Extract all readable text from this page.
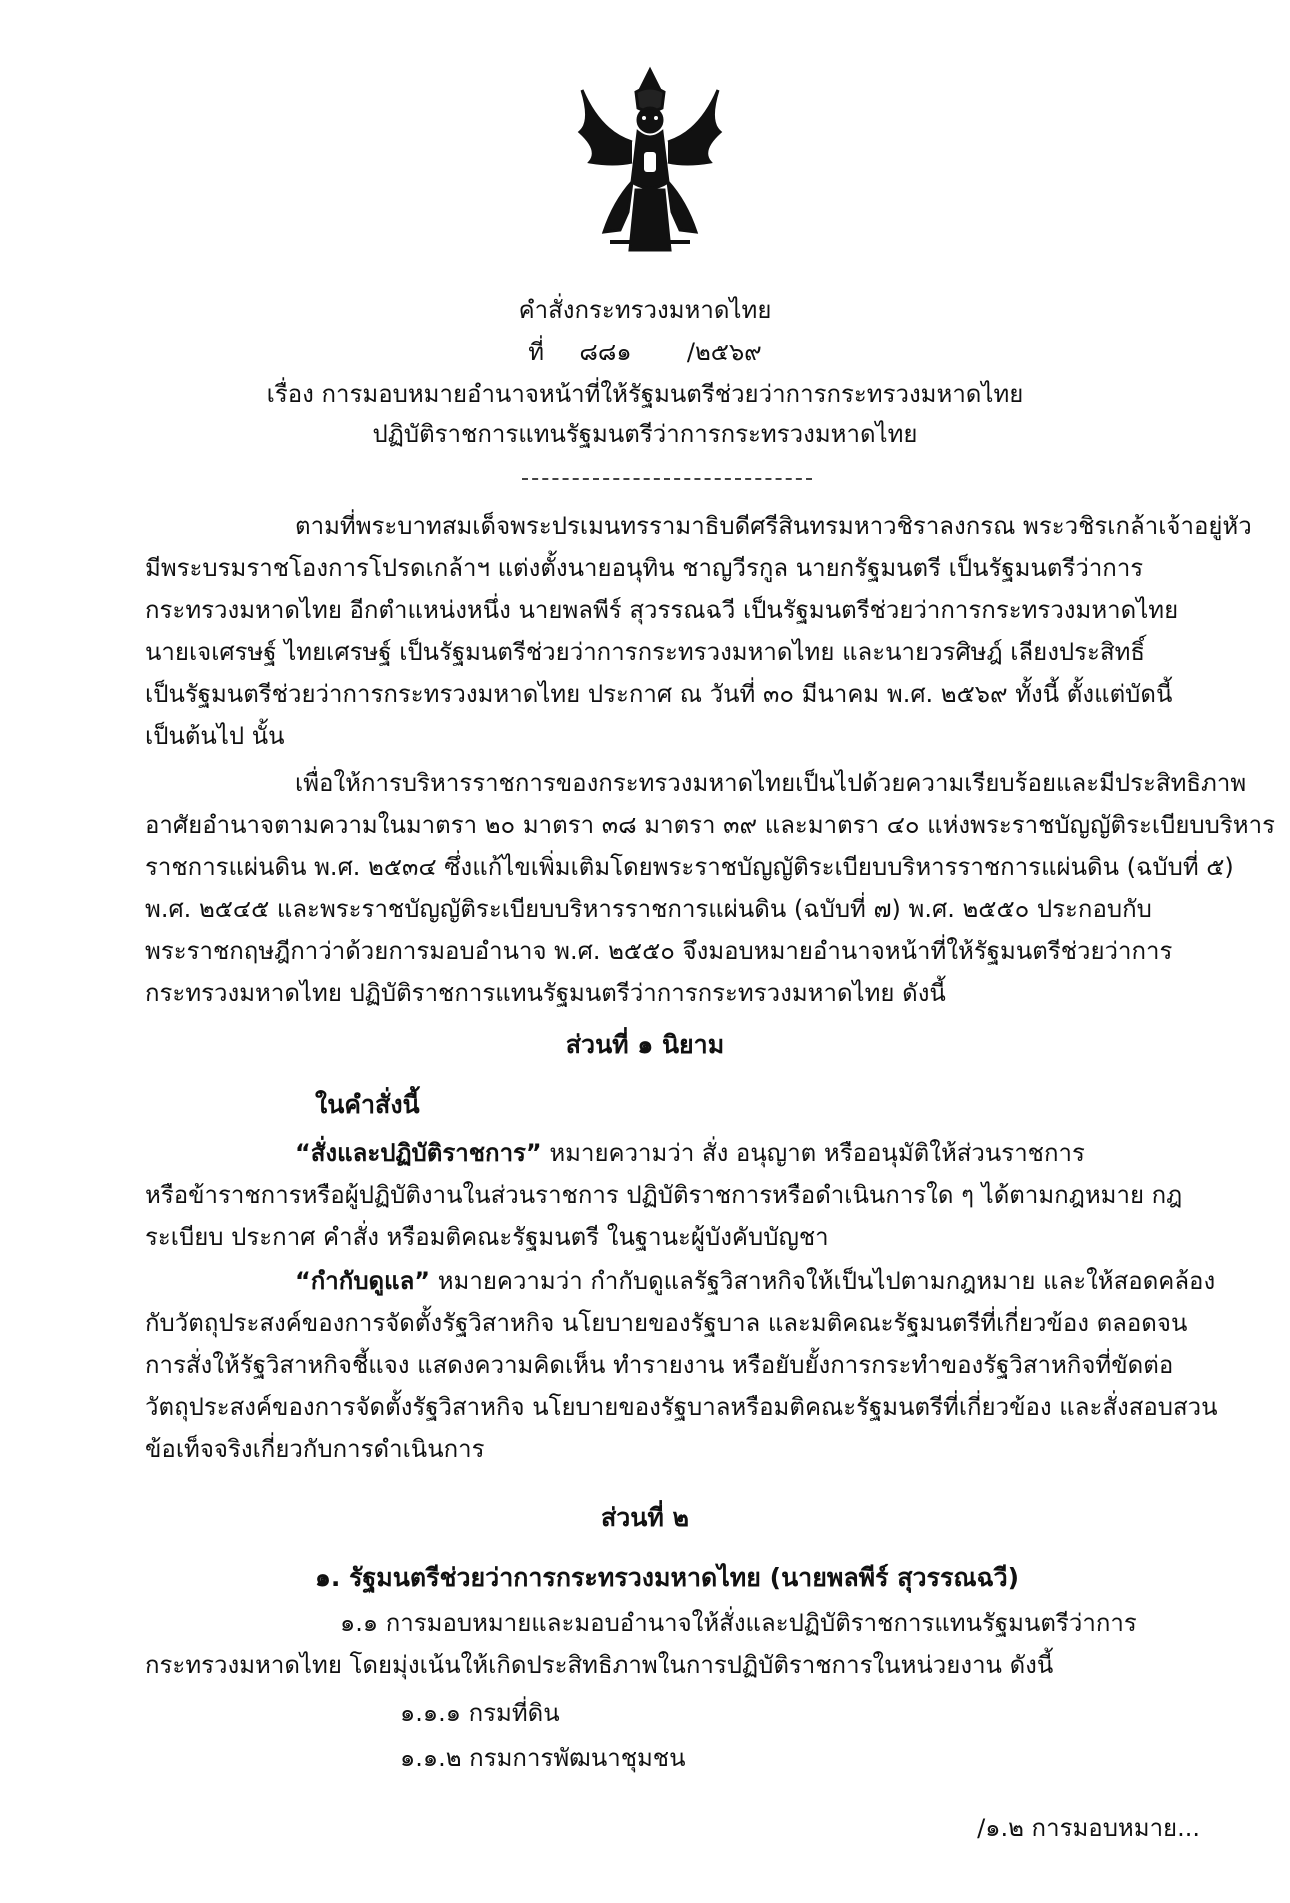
คำสั่งกระทรวงมหาดไทย
ที่ ๘๘๑ /๒๕๖๙
เรื่อง การมอบหมายอำนาจหน้าที่ให้รัฐมนตรีช่วยว่าการกระทรวงมหาดไทย
ปฏิบัติราชการแทนรัฐมนตรีว่าการกระทรวงมหาดไทย
ตามที่พระบาทสมเด็จพระปรเมนทรรามาธิบดีศรีสินทรมหาวชิราลงกรณ พระวชิรเกล้าเจ้าอยู่หัว
มีพระบรมราชโองการโปรดเกล้าฯ แต่งตั้งนายอนุทิน ชาญวีรกูล นายกรัฐมนตรี เป็นรัฐมนตรีว่าการ
กระทรวงมหาดไทย อีกตำแหน่งหนึ่ง นายพลพีร์ สุวรรณฉวี เป็นรัฐมนตรีช่วยว่าการกระทรวงมหาดไทย
นายเจเศรษฐ์ ไทยเศรษฐ์ เป็นรัฐมนตรีช่วยว่าการกระทรวงมหาดไทย และนายวรศิษฎ์ เลียงประสิทธิ์
เป็นรัฐมนตรีช่วยว่าการกระทรวงมหาดไทย ประกาศ ณ วันที่ ๓๐ มีนาคม พ.ศ. ๒๕๖๙ ทั้งนี้ ตั้งแต่บัดนี้
เป็นต้นไป นั้น
เพื่อให้การบริหารราชการของกระทรวงมหาดไทยเป็นไปด้วยความเรียบร้อยและมีประสิทธิภาพ
อาศัยอำนาจตามความในมาตรา ๒๐ มาตรา ๓๘ มาตรา ๓๙ และมาตรา ๔๐ แห่งพระราชบัญญัติระเบียบบริหาร
ราชการแผ่นดิน พ.ศ. ๒๕๓๔ ซึ่งแก้ไขเพิ่มเติมโดยพระราชบัญญัติระเบียบบริหารราชการแผ่นดิน (ฉบับที่ ๕)
พ.ศ. ๒๕๔๕ และพระราชบัญญัติระเบียบบริหารราชการแผ่นดิน (ฉบับที่ ๗) พ.ศ. ๒๕๕๐ ประกอบกับ
พระราชกฤษฎีกาว่าด้วยการมอบอำนาจ พ.ศ. ๒๕๕๐ จึงมอบหมายอำนาจหน้าที่ให้รัฐมนตรีช่วยว่าการ
กระทรวงมหาดไทย ปฏิบัติราชการแทนรัฐมนตรีว่าการกระทรวงมหาดไทย ดังนี้
ส่วนที่ ๑ นิยาม
ในคำสั่งนี้
“สั่งและปฏิบัติราชการ” หมายความว่า สั่ง อนุญาต หรืออนุมัติให้ส่วนราชการ
หรือข้าราชการหรือผู้ปฏิบัติงานในส่วนราชการ ปฏิบัติราชการหรือดำเนินการใด ๆ ได้ตามกฎหมาย กฎ
ระเบียบ ประกาศ คำสั่ง หรือมติคณะรัฐมนตรี ในฐานะผู้บังคับบัญชา
“กำกับดูแล” หมายความว่า กำกับดูแลรัฐวิสาหกิจให้เป็นไปตามกฎหมาย และให้สอดคล้อง
กับวัตถุประสงค์ของการจัดตั้งรัฐวิสาหกิจ นโยบายของรัฐบาล และมติคณะรัฐมนตรีที่เกี่ยวข้อง ตลอดจน
การสั่งให้รัฐวิสาหกิจชี้แจง แสดงความคิดเห็น ทำรายงาน หรือยับยั้งการกระทำของรัฐวิสาหกิจที่ขัดต่อ
วัตถุประสงค์ของการจัดตั้งรัฐวิสาหกิจ นโยบายของรัฐบาลหรือมติคณะรัฐมนตรีที่เกี่ยวข้อง และสั่งสอบสวน
ข้อเท็จจริงเกี่ยวกับการดำเนินการ
ส่วนที่ ๒
๑. รัฐมนตรีช่วยว่าการกระทรวงมหาดไทย (นายพลพีร์ สุวรรณฉวี)
๑.๑ การมอบหมายและมอบอำนาจให้สั่งและปฏิบัติราชการแทนรัฐมนตรีว่าการ
กระทรวงมหาดไทย โดยมุ่งเน้นให้เกิดประสิทธิภาพในการปฏิบัติราชการในหน่วยงาน ดังนี้
๑.๑.๑ กรมที่ดิน
๑.๑.๒ กรมการพัฒนาชุมชน
/๑.๒ การมอบหมาย...
